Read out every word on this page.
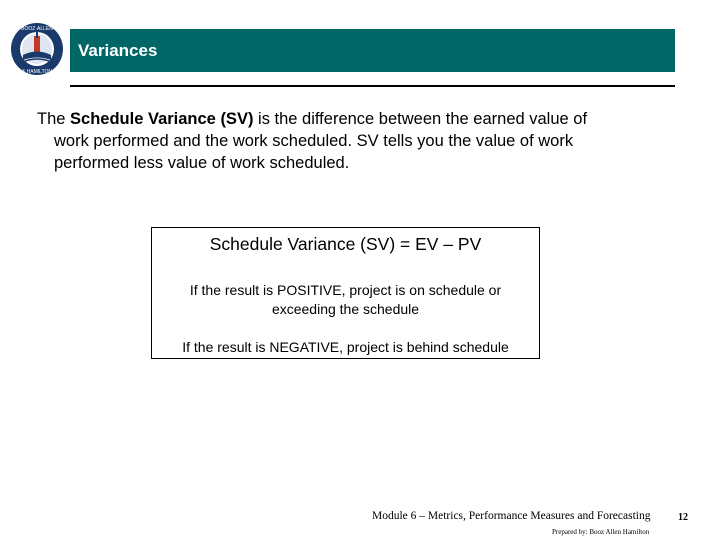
BOOZ·ALLEN
& HAMILTON
Variances
The Schedule Variance (SV) is the difference between the earned value of
work performed and the work scheduled. SV tells you the value of work
performed less value of work scheduled.
Schedule Variance (SV) = EV – PV
If the result is POSITIVE, project is on schedule or
exceeding the schedule
If the result is NEGATIVE, project is behind schedule
Module 6 – Metrics, Performance Measures and Forecasting
Prepared by: Booz Allen Hamilton
12
